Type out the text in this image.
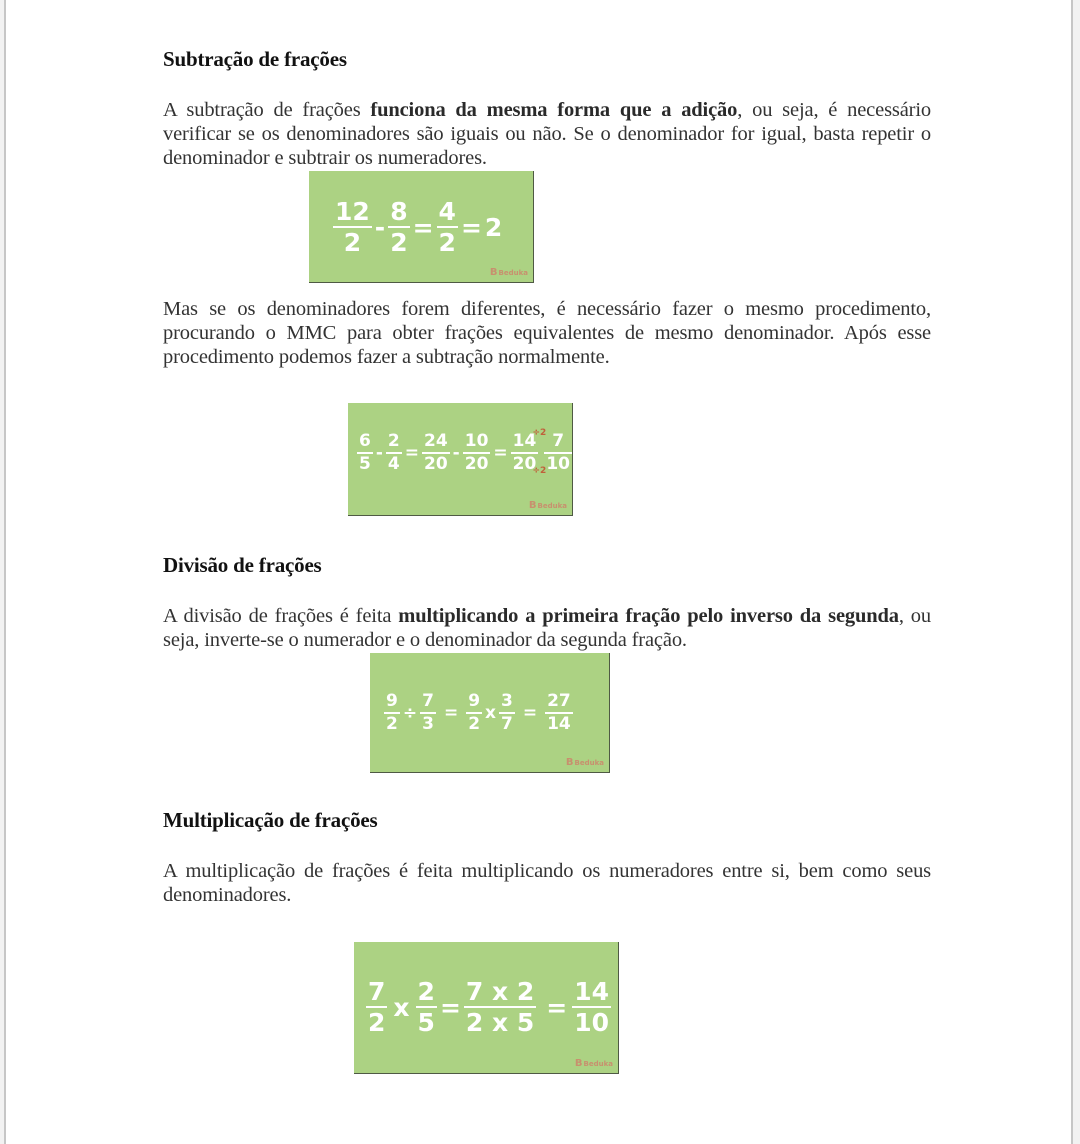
Subtração de frações

A subtração de frações funciona da mesma forma que a adição, ou seja, é necessário verificar se os denominadores são iguais ou não. Se o denominador for igual, basta repetir o denominador e subtrair os numeradores.

$\frac{12}{2} - \frac{8}{2} = \frac{4}{2} = 2$
B Beduka

Mas se os denominadores forem diferentes, é necessário fazer o mesmo procedimento, procurando o MMC para obter frações equivalentes de mesmo denominador. Após esse procedimento podemos fazer a subtração normalmente.

$\frac{6}{5} - \frac{2}{4} = \frac{24}{20} - \frac{10}{20}$ =
14
20
÷2
÷2
$\frac{7}{10}$
B Beduka
Divisão de frações

A divisão de frações é feita multiplicando a primeira fração pelo inverso da segunda, ou seja, inverte-se o numerador e o denominador da segunda fração.

$\frac{9}{2} \div \frac{7}{3} = \frac{9}{2}$ x $\frac{3}{7} = \frac{27}{14}$
B Beduka
Multiplicação de frações

A multiplicação de frações é feita multiplicando os numeradores entre si, bem como seus denominadores.

$\frac{7}{2}$ x $\frac{2}{5} = \frac{7 x 2}{2 x 5} = \frac{14}{10}$
B Beduka
